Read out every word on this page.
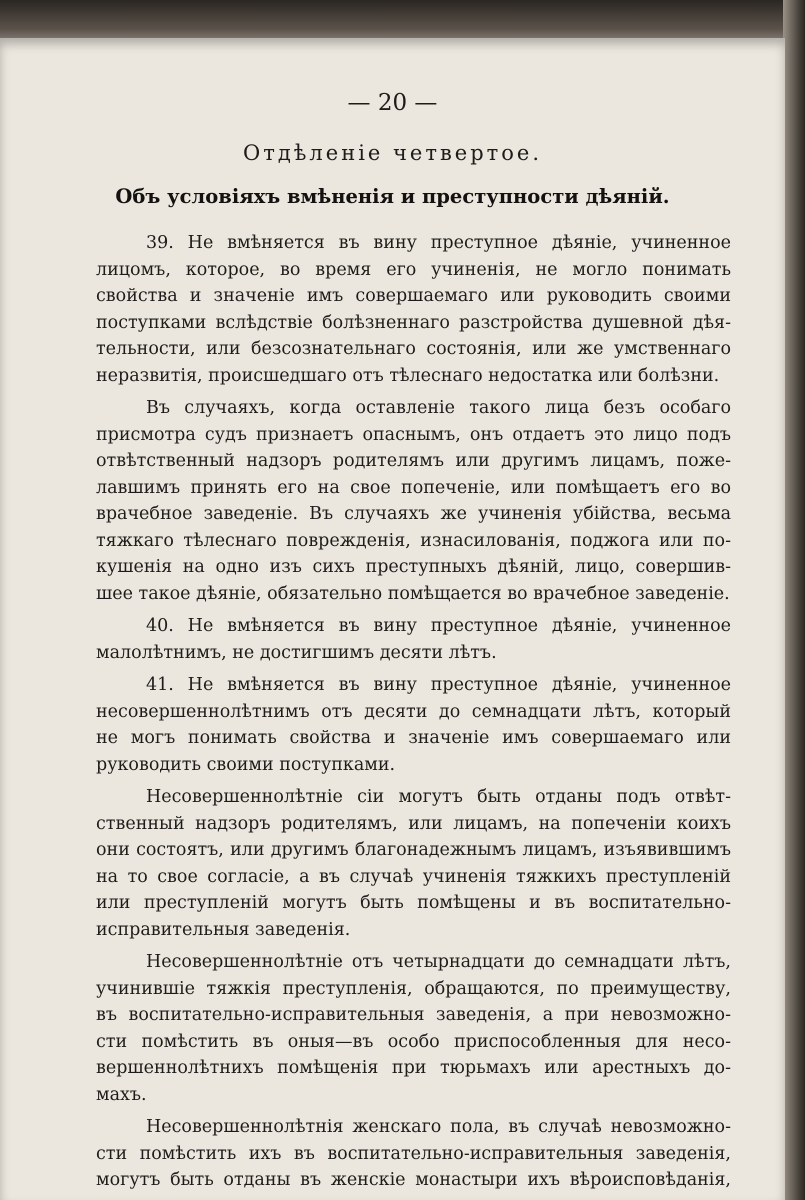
— 20 —
Отдѣленіе четвертое.
Объ условіяхъ вмѣненія и преступности дѣяній.

39. Не вмѣняется въ вину преступное дѣяніе, учиненное
лицомъ, которое, во время его учиненія, не могло понимать
свойства и значеніе имъ совершаемаго или руководить своими
поступками вслѣдствіе болѣзненнаго разстройства душевной дѣя-
тельности, или безсознательнаго состоянія, или же умственнаго
неразвитія, происшедшаго отъ тѣлеснаго недостатка или болѣзни.

Въ случаяхъ, когда оставленіе такого лица безъ особаго
присмотра судъ признаетъ опаснымъ, онъ отдаетъ это лицо подъ
отвѣтственный надзоръ родителямъ или другимъ лицамъ, поже-
лавшимъ принять его на свое попеченіе, или помѣщаетъ его во
врачебное заведеніе. Въ случаяхъ же учиненія убійства, весьма
тяжкаго тѣлеснаго поврежденія, изнасилованія, поджога или по-
кушенія на одно изъ сихъ преступныхъ дѣяній, лицо, совершив-
шее такое дѣяніе, обязательно помѣщается во врачебное заведеніе.

40. Не вмѣняется въ вину преступное дѣяніе, учиненное
малолѣтнимъ, не достигшимъ десяти лѣтъ.

41. Не вмѣняется въ вину преступное дѣяніе, учиненное
несовершеннолѣтнимъ отъ десяти до семнадцати лѣтъ, который
не могъ понимать свойства и значеніе имъ совершаемаго или
руководить своими поступками.

Несовершеннолѣтніе сіи могутъ быть отданы подъ отвѣт-
ственный надзоръ родителямъ, или лицамъ, на попеченіи коихъ
они состоятъ, или другимъ благонадежнымъ лицамъ, изъявившимъ
на то свое согласіе, а въ случаѣ учиненія тяжкихъ преступленій
или преступленій могутъ быть помѣщены и въ воспитательно-
исправительныя заведенія.

Несовершеннолѣтніе отъ четырнадцати до семнадцати лѣтъ,
учинившіе тяжкія преступленія, обращаются, по преимуществу,
въ воспитательно-исправительныя заведенія, а при невозможно-
сти помѣстить въ оныя—въ особо приспособленныя для несо-
вершеннолѣтнихъ помѣщенія при тюрьмахъ или арестныхъ до-
махъ.

Несовершеннолѣтнія женскаго пола, въ случаѣ невозможно-
сти помѣстить ихъ въ воспитательно-исправительныя заведенія,
могутъ быть отданы въ женскіе монастыри ихъ вѣроисповѣданія,
